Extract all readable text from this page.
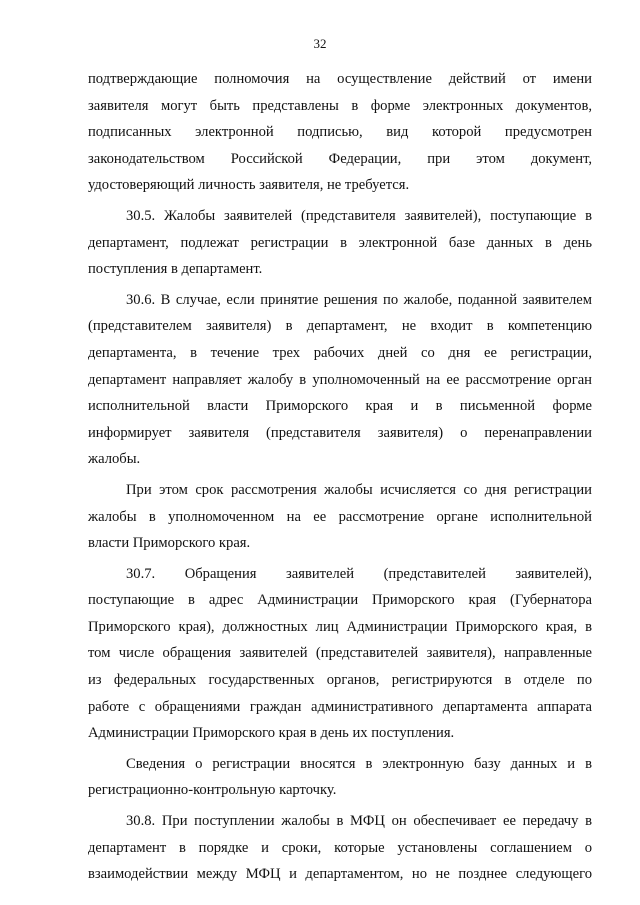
32
подтверждающие полномочия на осуществление действий от имени
заявителя могут быть представлены в форме электронных документов,
подписанных электронной подписью, вид которой предусмотрен
законодательством Российской Федерации, при этом документ,
удостоверяющий личность заявителя, не требуется.
30.5. Жалобы заявителей (представителя заявителей), поступающие в
департамент, подлежат регистрации в электронной базе данных в день
поступления в департамент.
30.6. В случае, если принятие решения по жалобе, поданной заявителем
(представителем заявителя) в департамент, не входит в компетенцию
департамента, в течение трех рабочих дней со дня ее регистрации,
департамент направляет жалобу в уполномоченный на ее рассмотрение орган
исполнительной власти Приморского края и в письменной форме
информирует заявителя (представителя заявителя) о перенаправлении
жалобы.
При этом срок рассмотрения жалобы исчисляется со дня регистрации
жалобы в уполномоченном на ее рассмотрение органе исполнительной
власти Приморского края.
30.7. Обращения заявителей (представителей заявителей),
поступающие в адрес Администрации Приморского края (Губернатора
Приморского края), должностных лиц Администрации Приморского края, в
том числе обращения заявителей (представителей заявителя), направленные
из федеральных государственных органов, регистрируются в отделе по
работе с обращениями граждан административного департамента аппарата
Администрации Приморского края в день их поступления.
Сведения о регистрации вносятся в электронную базу данных и в
регистрационно-контрольную карточку.
30.8. При поступлении жалобы в МФЦ он обеспечивает ее передачу в
департамент в порядке и сроки, которые установлены соглашением о
взаимодействии между МФЦ и департаментом, но не позднее следующего
